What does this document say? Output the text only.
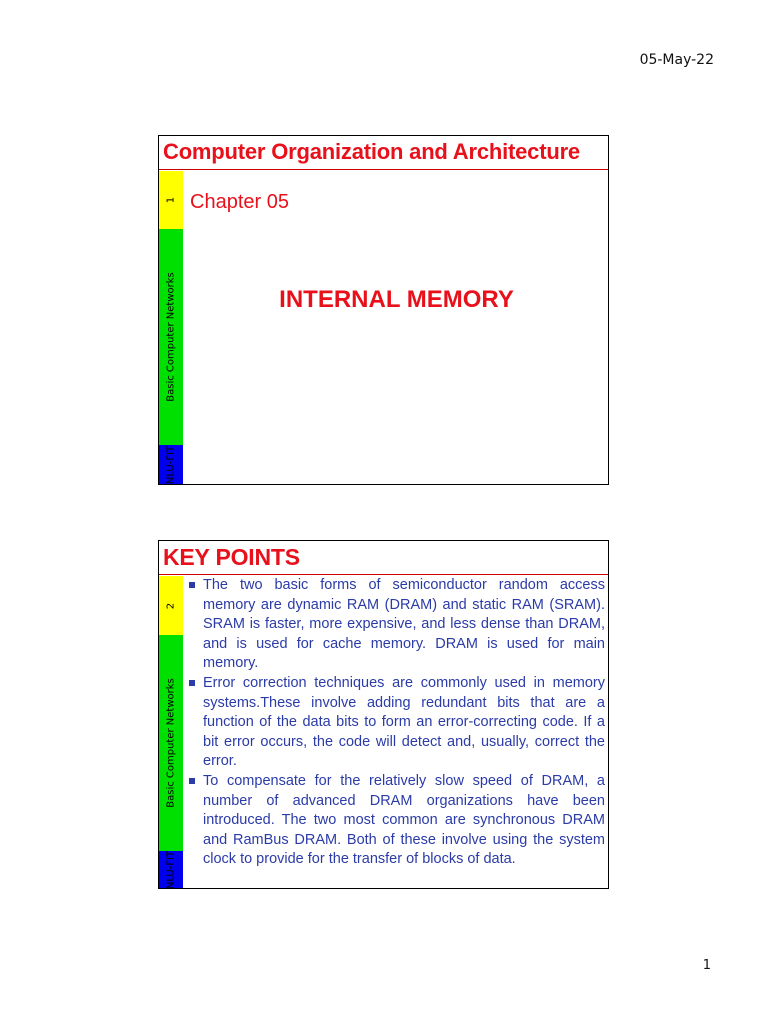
05-May-22
Computer Organization and Architecture
1
Basic Computer Networks
NLU-FIT
Chapter 05
INTERNAL MEMORY
KEY POINTS
2
Basic Computer Networks
NLU-FIT
The two basic forms of semiconductor random access memory are dynamic RAM (DRAM) and static RAM (SRAM). SRAM is faster, more expensive, and less dense than DRAM, and is used for cache memory. DRAM is used for main memory.
Error correction techniques are commonly used in memory systems.These involve adding redundant bits that are a function of the data bits to form an error-correcting code. If a bit error occurs, the code will detect and, usually, correct the error.
To compensate for the relatively slow speed of DRAM, a number of advanced DRAM organizations have been introduced. The two most common are synchronous DRAM and RamBus DRAM. Both of these involve using the system clock to provide for the transfer of blocks of data.
1
